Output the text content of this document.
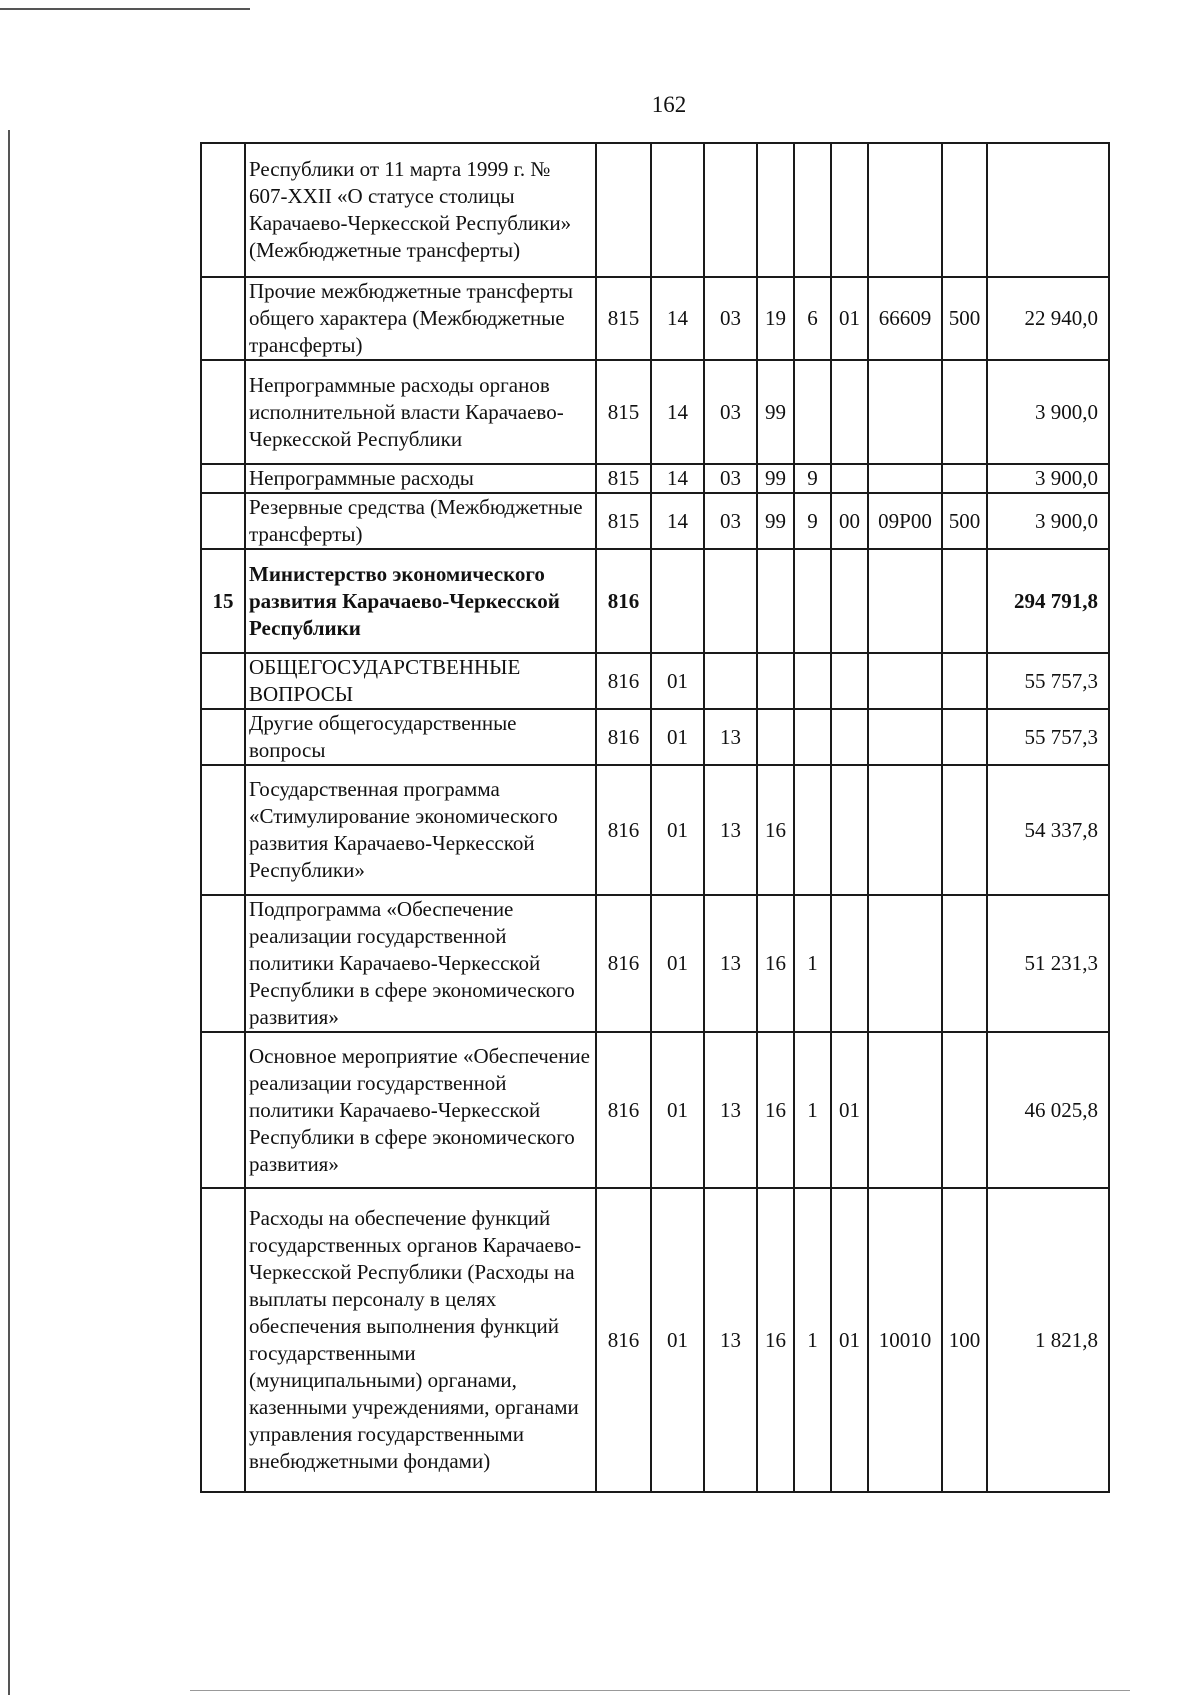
162
	Республики от 11 марта 1999 г. № 607-XXII «О статусе столицы Карачаево-Черкесской Республики» (Межбюджетные трансферты)									
	Прочие межбюджетные трансферты общего характера (Межбюджетные трансферты)	815	14	03	19	6	01	66609	500	22 940,0
	Непрограммные расходы органов исполнительной власти Карачаево-Черкесской Республики	815	14	03	99					3 900,0
	Непрограммные расходы	815	14	03	99	9				3 900,0
	Резервные средства (Межбюджетные трансферты)	815	14	03	99	9	00	09Р00	500	3 900,0
15	Министерство экономического развития Карачаево-Черкесской Республики	816								294 791,8
	ОБЩЕГОСУДАРСТВЕННЫЕ ВОПРОСЫ	816	01							55 757,3
	Другие общегосударственные вопросы	816	01	13						55 757,3
	Государственная программа «Стимулирование экономического развития Карачаево-Черкесской Республики»	816	01	13	16					54 337,8
	Подпрограмма «Обеспечение реализации государственной политики Карачаево-Черкесской Республики в сфере экономического развития»	816	01	13	16	1				51 231,3
	Основное мероприятие «Обеспечение реализации государственной политики Карачаево-Черкесской Республики в сфере экономического развития»	816	01	13	16	1	01			46 025,8
	Расходы на обеспечение функций государственных органов Карачаево-Черкесской Республики (Расходы на выплаты персоналу в целях обеспечения выполнения функций государственными (муниципальными) органами, казенными учреждениями, органами управления государственными внебюджетными фондами)	816	01	13	16	1	01	10010	100	1 821,8
